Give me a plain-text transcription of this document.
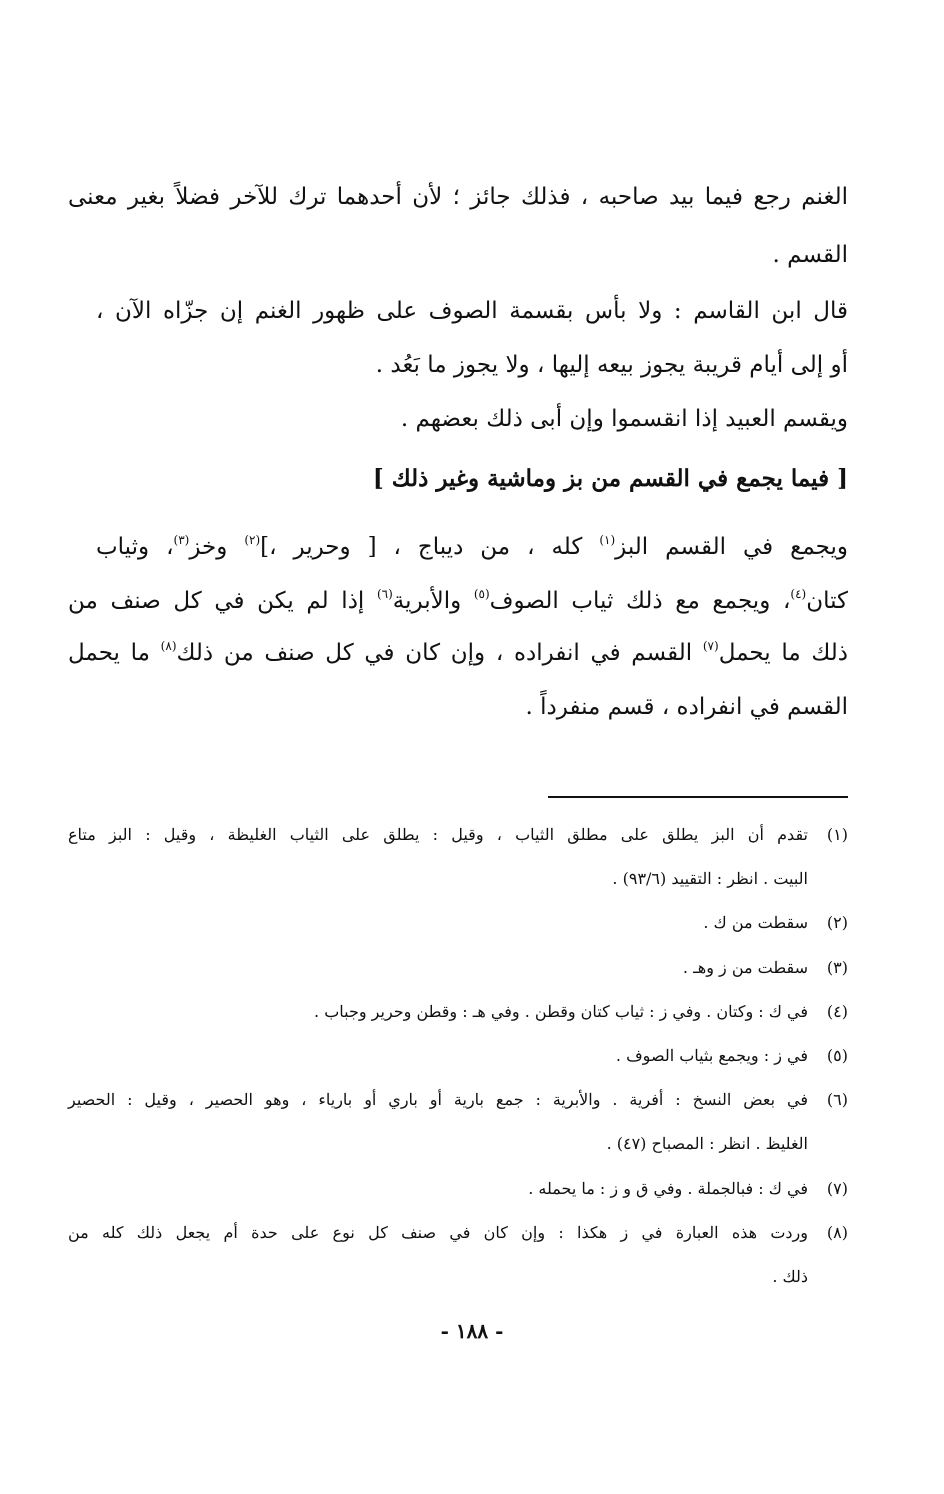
الغنم رجع فيما بيد صاحبه ، فذلك جائز ؛ لأن أحدهما ترك للآخر فضلاً بغير معنى
القسم .
قال ابن القاسم : ولا بأس بقسمة الصوف على ظهور الغنم إن جزّاه الآن ،
أو إلى أيام قريبة يجوز بيعه إليها ، ولا يجوز ما بَعُد .
ويقسم العبيد إذا انقسموا وإن أبى ذلك بعضهم .
[ فيما يجمع في القسم من بز وماشية وغير ذلك ]
ويجمع في القسم البز$^{(١)}$ كله ، من ديباج ، [ وحرير ،]$^{(٢)}$ وخز$^{(٣)}$، وثياب
كتان$^{(٤)}$، ويجمع مع ذلك ثياب الصوف$^{(٥)}$ والأبرية$^{(٦)}$ إذا لم يكن في كل صنف من
ذلك ما يحمل$^{(٧)}$ القسم في انفراده ، وإن كان في كل صنف من ذلك$^{(٨)}$ ما يحمل
القسم في انفراده ، قسم منفرداً .
(١)
تقدم أن البز يطلق على مطلق الثياب ، وقيل : يطلق على الثياب الغليظة ، وقيل : البز متاع
البيت . انظر : التقييد (٩٣/٦) .
(٢)
سقطت من ك .
(٣)
سقطت من ز وهـ .
(٤)
في ك : وكتان . وفي ز : ثياب كتان وقطن . وفي هـ : وقطن وحرير وجباب .
(٥)
في ز : ويجمع بثياب الصوف .
(٦)
في بعض النسخ : أفرية . والأبرية : جمع بارية أو باري أو بارياء ، وهو الحصير ، وقيل : الحصير
الغليظ . انظر : المصباح (٤٧) .
(٧)
في ك : فبالجملة . وفي ق و ز : ما يحمله .
(٨)
وردت هذه العبارة في ز هكذا : وإن كان في صنف كل نوع على حدة أم يجعل ذلك كله من
ذلك .
- ١٨٨ -
